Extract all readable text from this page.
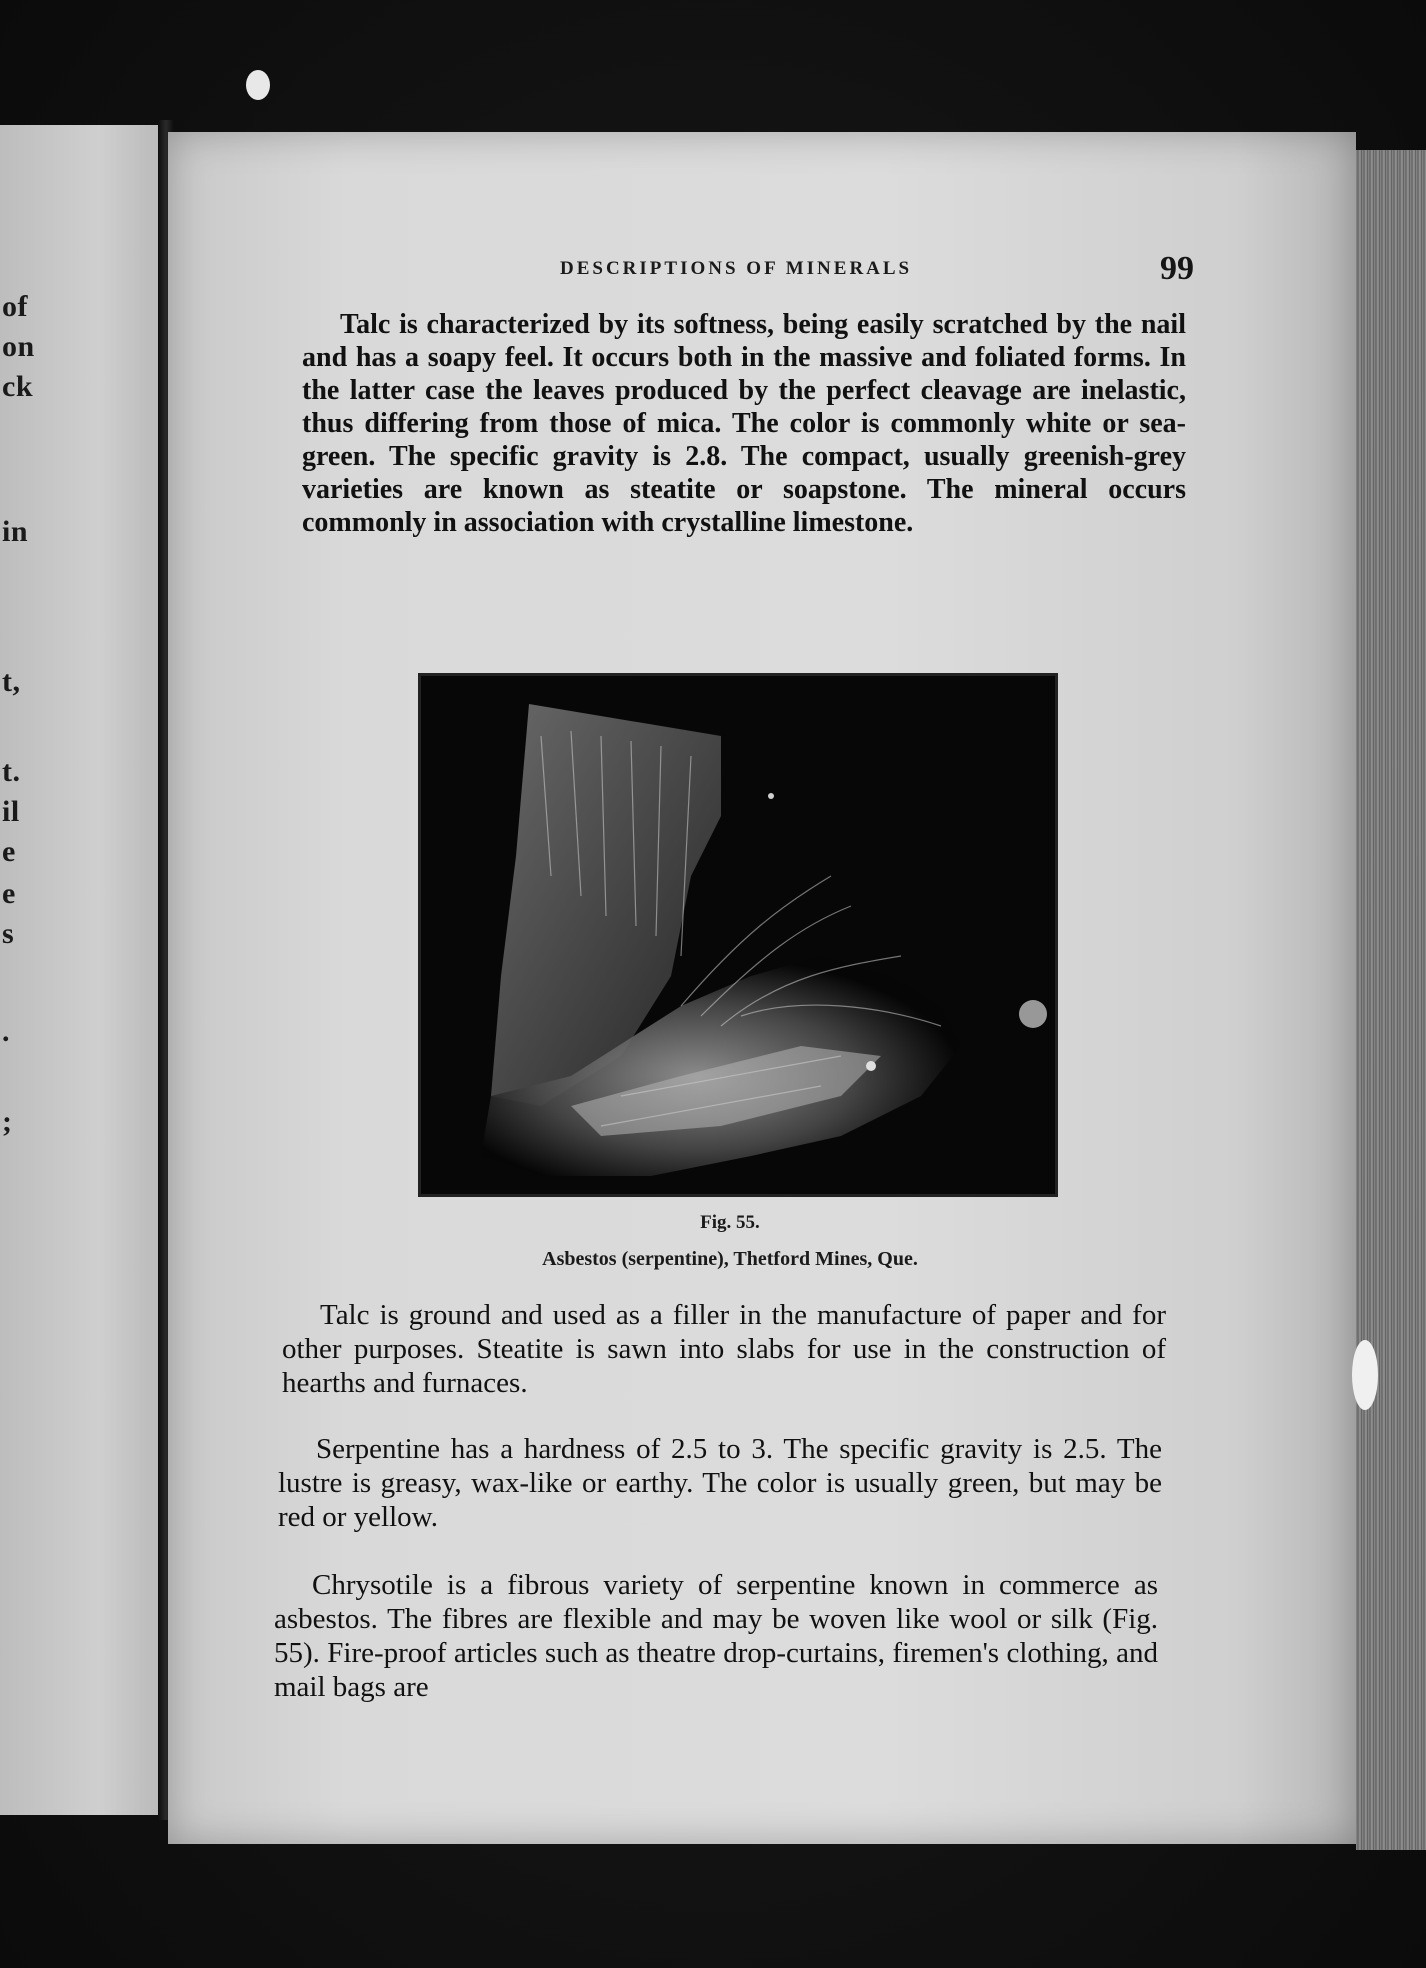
of
on
ck
in
t,
t.
il
e
e
s
.
;
DESCRIPTIONS OF MINERALS	99
Talc is characterized by its softness, being easily scratched by the nail and has a soapy feel. It occurs both in the massive and foliated forms. In the latter case the leaves produced by the perfect cleavage are inelastic, thus differing from those of mica. The color is commonly white or sea-green. The specific gravity is 2.8. The compact, usually greenish-grey varieties are known as steatite or soapstone. The mineral occurs commonly in association with crystalline limestone.
Fig. 55.
Asbestos (serpentine), Thetford Mines, Que.
Talc is ground and used as a filler in the manufacture of paper and for other purposes. Steatite is sawn into slabs for use in the construction of hearths and furnaces.
Serpentine has a hardness of 2.5 to 3. The specific gravity is 2.5. The lustre is greasy, wax-like or earthy. The color is usually green, but may be red or yellow.
Chrysotile is a fibrous variety of serpentine known in commerce as asbestos. The fibres are flexible and may be woven like wool or silk (Fig. 55). Fire-proof articles such as theatre drop-curtains, firemen's clothing, and mail bags are
